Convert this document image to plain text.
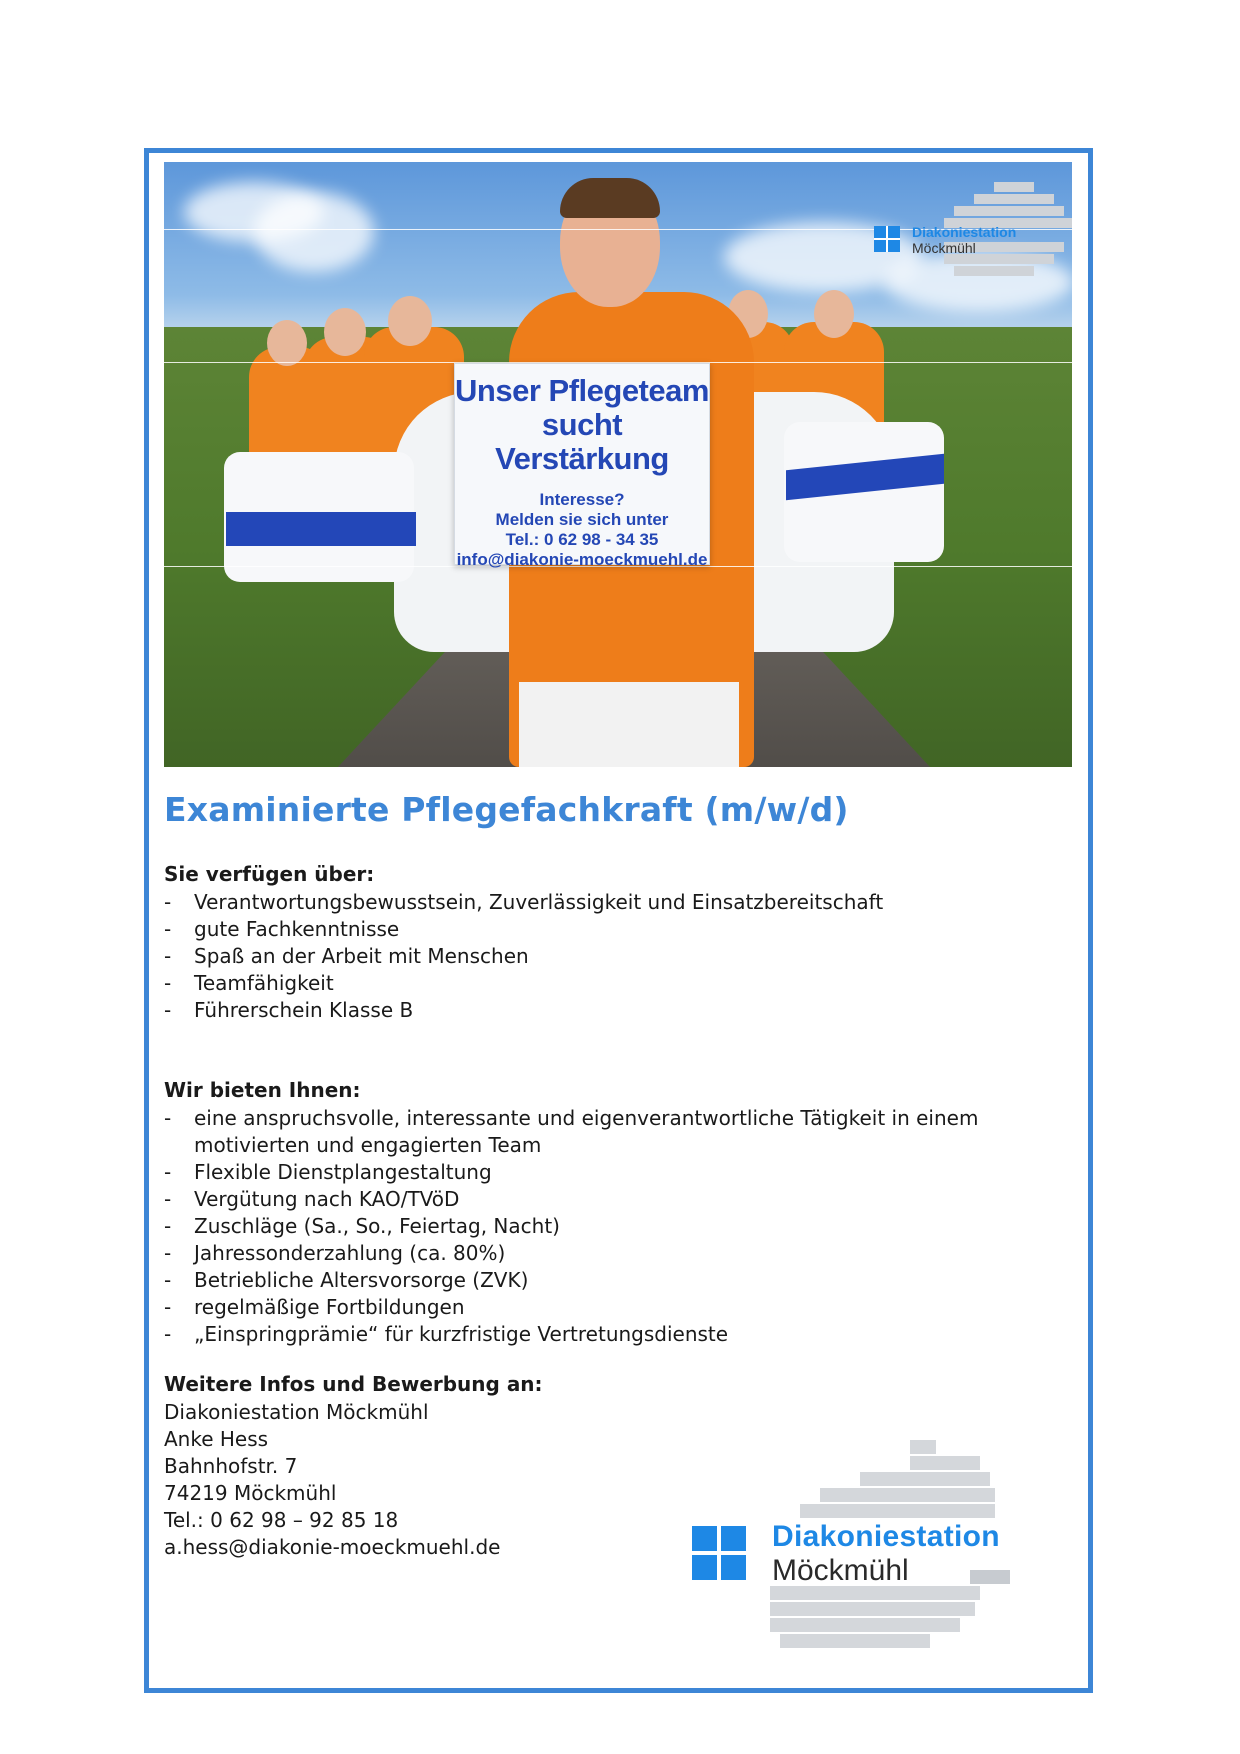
Unser Pflegeteam
sucht Verstärkung
Interesse?
Melden sie sich unter
Tel.: 0 62 98 - 34 35
info@diakonie-moeckmuehl.de
Diakoniestation
Möckmühl
Examinierte Pflegefachkraft (m/w/d)
Sie verfügen über:
- Verantwortungsbewusstsein, Zuverlässigkeit und Einsatzbereitschaft
- gute Fachkenntnisse
- Spaß an der Arbeit mit Menschen
- Teamfähigkeit
- Führerschein Klasse B
Wir bieten Ihnen:
- eine anspruchsvolle, interessante und eigenverantwortliche Tätigkeit in einem
motivierten und engagierten Team
- Flexible Dienstplangestaltung
- Vergütung nach KAO/TVöD
- Zuschläge (Sa., So., Feiertag, Nacht)
- Jahressonderzahlung (ca. 80%)
- Betriebliche Altersvorsorge (ZVK)
- regelmäßige Fortbildungen
- „Einspringprämie“ für kurzfristige Vertretungsdienste
Weitere Infos und Bewerbung an:
Diakoniestation Möckmühl
Anke Hess
Bahnhofstr. 7
74219 Möckmühl
Tel.: 0 62 98 – 92 85 18
a.hess@diakonie-moeckmuehl.de	Diakoniestation
Möckmühl
